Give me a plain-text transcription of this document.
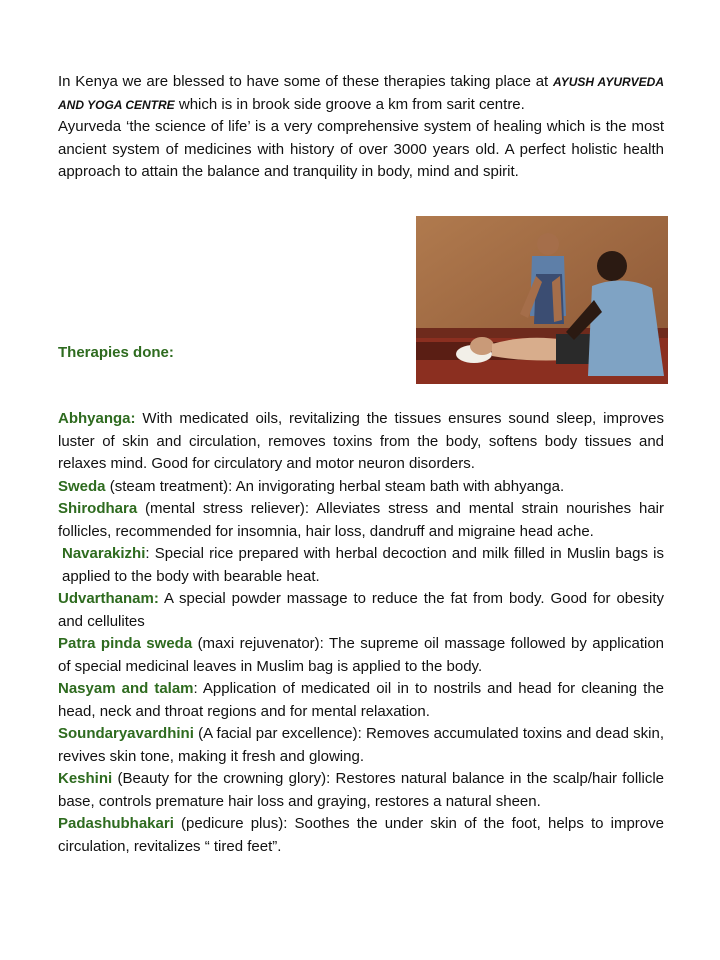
In Kenya we are blessed to have some of these therapies taking place at AYUSH AYURVEDA AND YOGA CENTRE which is in brook side groove a km from sarit centre.
Ayurveda ‘the science of life’ is a very comprehensive system of healing which is the most ancient system of medicines with history of over 3000 years old. A perfect holistic health approach to attain the balance and tranquility in body, mind and spirit.

Therapies done:

Abhyanga: With medicated oils, revitalizing the tissues ensures sound sleep, improves luster of skin and circulation, removes toxins from the body, softens body tissues and relaxes mind. Good for circulatory and motor neuron disorders.

Sweda (steam treatment): An invigorating herbal steam bath with abhyanga.

Shirodhara (mental stress reliever): Alleviates stress and mental strain nourishes hair follicles, recommended for insomnia, hair loss, dandruff and migraine head ache.

Navarakizhi: Special rice prepared with herbal decoction and milk filled in Muslin bags is applied to the body with bearable heat.

Udvarthanam: A special powder massage to reduce the fat from body. Good for obesity and cellulites

Patra pinda sweda (maxi rejuvenator): The supreme oil massage followed by application of special medicinal leaves in Muslim bag is applied to the body.

Nasyam and talam: Application of medicated oil in to nostrils and head for cleaning the head, neck and throat regions and for mental relaxation.

Soundaryavardhini (A facial par excellence): Removes accumulated toxins and dead skin, revives skin tone, making it fresh and glowing.

Keshini (Beauty for the crowning glory): Restores natural balance in the scalp/hair follicle base, controls premature hair loss and graying, restores a natural sheen.

Padashubhakari (pedicure plus): Soothes the under skin of the foot, helps to improve circulation, revitalizes “ tired feet”.
